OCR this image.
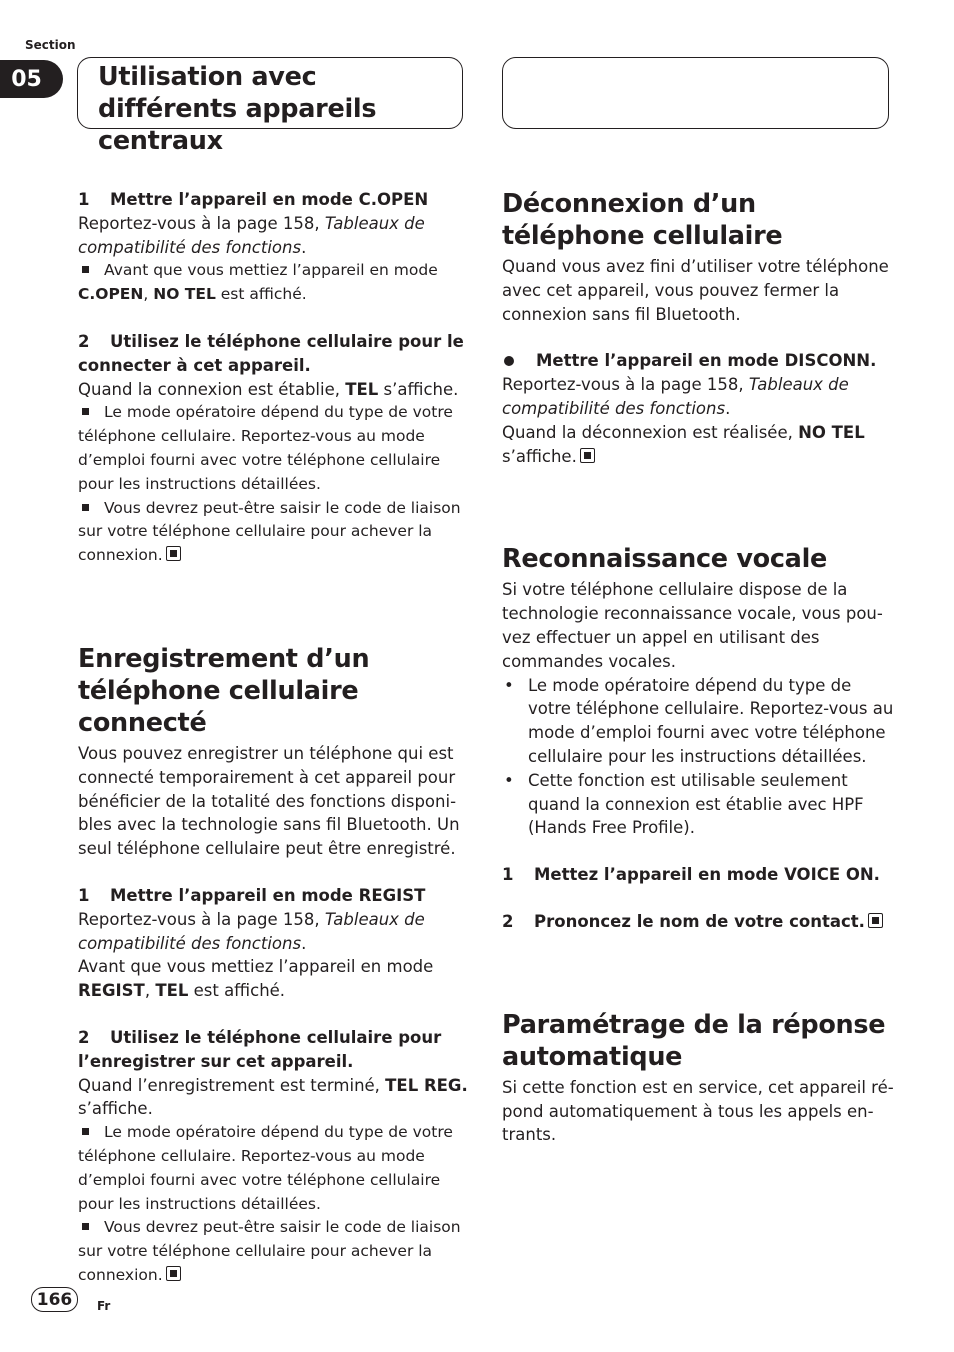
Section
05	Utilisation avec différents appareils centraux

1 Mettre l’appareil en mode C.OPEN

Reportez-vous à la page 158, Tableaux de compatibilité des fonctions.

Avant que vous mettiez l’appareil en mode
C.OPEN, NO TEL est affiché.

2 Utilisez le téléphone cellulaire pour le connecter à cet appareil.

Quand la connexion est établie, TEL s’affiche.

Le mode opératoire dépend du type de votre téléphone cellulaire. Reportez-vous au mode d’emploi fourni avec votre téléphone cellulaire pour les instructions détaillées.

Vous devrez peut-être saisir le code de liaison sur votre téléphone cellulaire pour achever la connexion.

Enregistrement d’un téléphone cellulaire connecté

Vous pouvez enregistrer un téléphone qui est connecté temporairement à cet appareil pour bénéficier de la totalité des fonctions disponibles avec la technologie sans fil Bluetooth. Un seul téléphone cellulaire peut être enregistré.

1 Mettre l’appareil en mode REGIST

Reportez-vous à la page 158, Tableaux de compatibilité des fonctions.

Avant que vous mettiez l’appareil en mode REGIST, TEL est affiché.

2 Utilisez le téléphone cellulaire pour l’enregistrer sur cet appareil.

Quand l’enregistrement est terminé, TEL REG. s’affiche.

Le mode opératoire dépend du type de votre téléphone cellulaire. Reportez-vous au mode d’emploi fourni avec votre téléphone cellulaire pour les instructions détaillées.

Vous devrez peut-être saisir le code de liaison sur votre téléphone cellulaire pour achever la connexion.

Déconnexion d’un téléphone cellulaire

Quand vous avez fini d’utiliser votre téléphone avec cet appareil, vous pouvez fermer la connexion sans fil Bluetooth.

Mettre l’appareil en mode DISCONN.

Reportez-vous à la page 158, Tableaux de compatibilité des fonctions.

Quand la déconnexion est réalisée, NO TEL s’affiche.

Reconnaissance vocale

Si votre téléphone cellulaire dispose de la technologie reconnaissance vocale, vous pouvez effectuer un appel en utilisant des commandes vocales.

• Le mode opératoire dépend du type de votre téléphone cellulaire. Reportez-vous au mode d’emploi fourni avec votre téléphone cellulaire pour les instructions détaillées.

• Cette fonction est utilisable seulement quand la connexion est établie avec HPF (Hands Free Profile).

1 Mettez l’appareil en mode VOICE ON.

2 Prononcez le nom de votre contact.

Paramétrage de la réponse automatique

Si cette fonction est en service, cet appareil répond automatiquement à tous les appels entrants.

166	Fr
